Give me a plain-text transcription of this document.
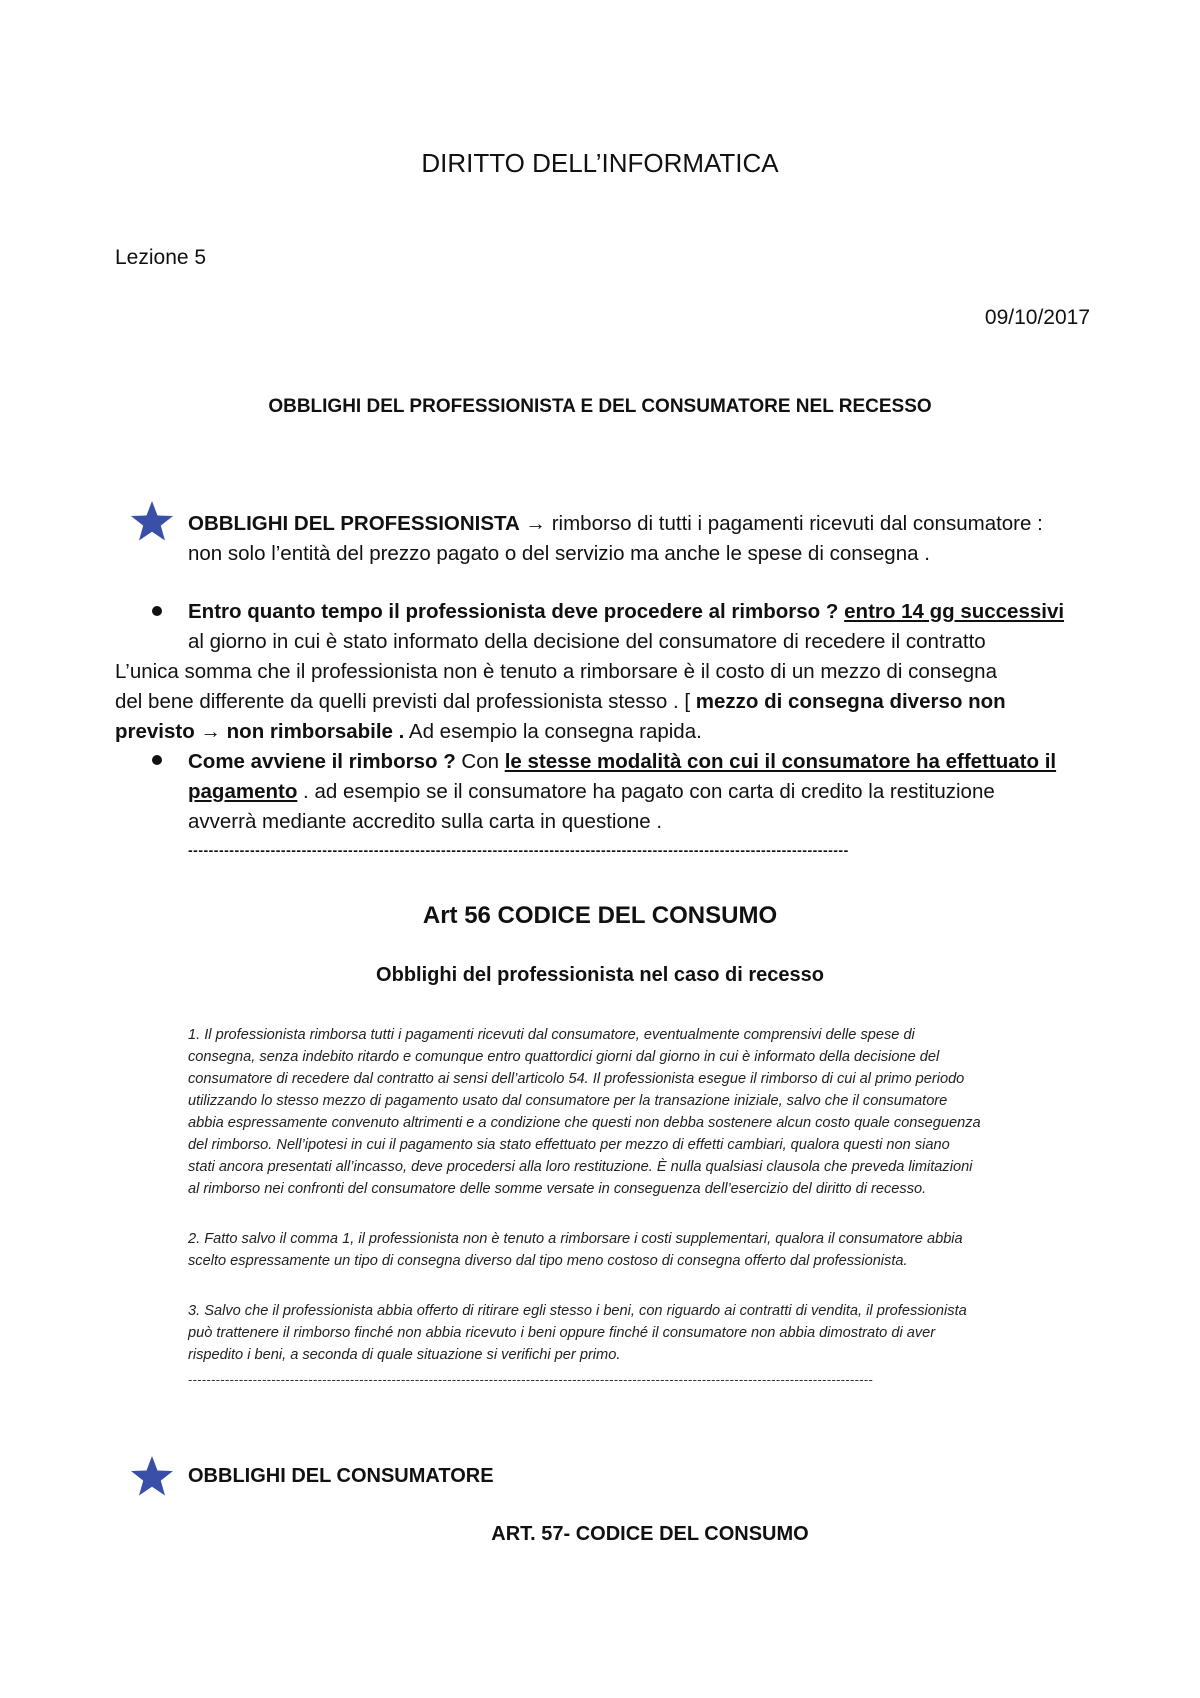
DIRITTO DELL’INFORMATICA
Lezione 5
09/10/2017
OBBLIGHI DEL PROFESSIONISTA E DEL CONSUMATORE NEL RECESSO
OBBLIGHI DEL PROFESSIONISTA → rimborso di tutti i pagamenti ricevuti dal consumatore :
non solo l’entità del prezzo pagato o del servizio ma anche le spese di consegna .
Entro quanto tempo il professionista deve procedere al rimborso ? entro 14 gg successivi
al giorno in cui è stato informato della decisione del consumatore di recedere il contratto
L’unica somma che il professionista non è tenuto a rimborsare è il costo di un mezzo di consegna
del bene differente da quelli previsti dal professionista stesso . [ mezzo di consegna diverso non
previsto → non rimborsabile . Ad esempio la consegna rapida.
Come avviene il rimborso ? Con le stesse modalità con cui il consumatore ha effettuato il
pagamento . ad esempio se il consumatore ha pagato con carta di credito la restituzione
avverrà mediante accredito sulla carta in questione .
--------------------------------------------------------------------------------------------------------------------------------
Art 56 CODICE DEL CONSUMO
Obblighi del professionista nel caso di recesso
1. Il professionista rimborsa tutti i pagamenti ricevuti dal consumatore, eventualmente comprensivi delle spese di
consegna, senza indebito ritardo e comunque entro quattordici giorni dal giorno in cui è informato della decisione del
consumatore di recedere dal contratto ai sensi dell’articolo 54. Il professionista esegue il rimborso di cui al primo periodo
utilizzando lo stesso mezzo di pagamento usato dal consumatore per la transazione iniziale, salvo che il consumatore
abbia espressamente convenuto altrimenti e a condizione che questi non debba sostenere alcun costo quale conseguenza
del rimborso. Nell’ipotesi in cui il pagamento sia stato effettuato per mezzo di effetti cambiari, qualora questi non siano
stati ancora presentati all’incasso, deve procedersi alla loro restituzione. È nulla qualsiasi clausola che preveda limitazioni
al rimborso nei confronti del consumatore delle somme versate in conseguenza dell’esercizio del diritto di recesso.
2. Fatto salvo il comma 1, il professionista non è tenuto a rimborsare i costi supplementari, qualora il consumatore abbia
scelto espressamente un tipo di consegna diverso dal tipo meno costoso di consegna offerto dal professionista.
3. Salvo che il professionista abbia offerto di ritirare egli stesso i beni, con riguardo ai contratti di vendita, il professionista
può trattenere il rimborso finché non abbia ricevuto i beni oppure finché il consumatore non abbia dimostrato di aver
rispedito i beni, a seconda di quale situazione si verifichi per primo.
----------------------------------------------------------------------------------------------------------------------------------------------------
OBBLIGHI DEL CONSUMATORE
ART. 57- CODICE DEL CONSUMO
